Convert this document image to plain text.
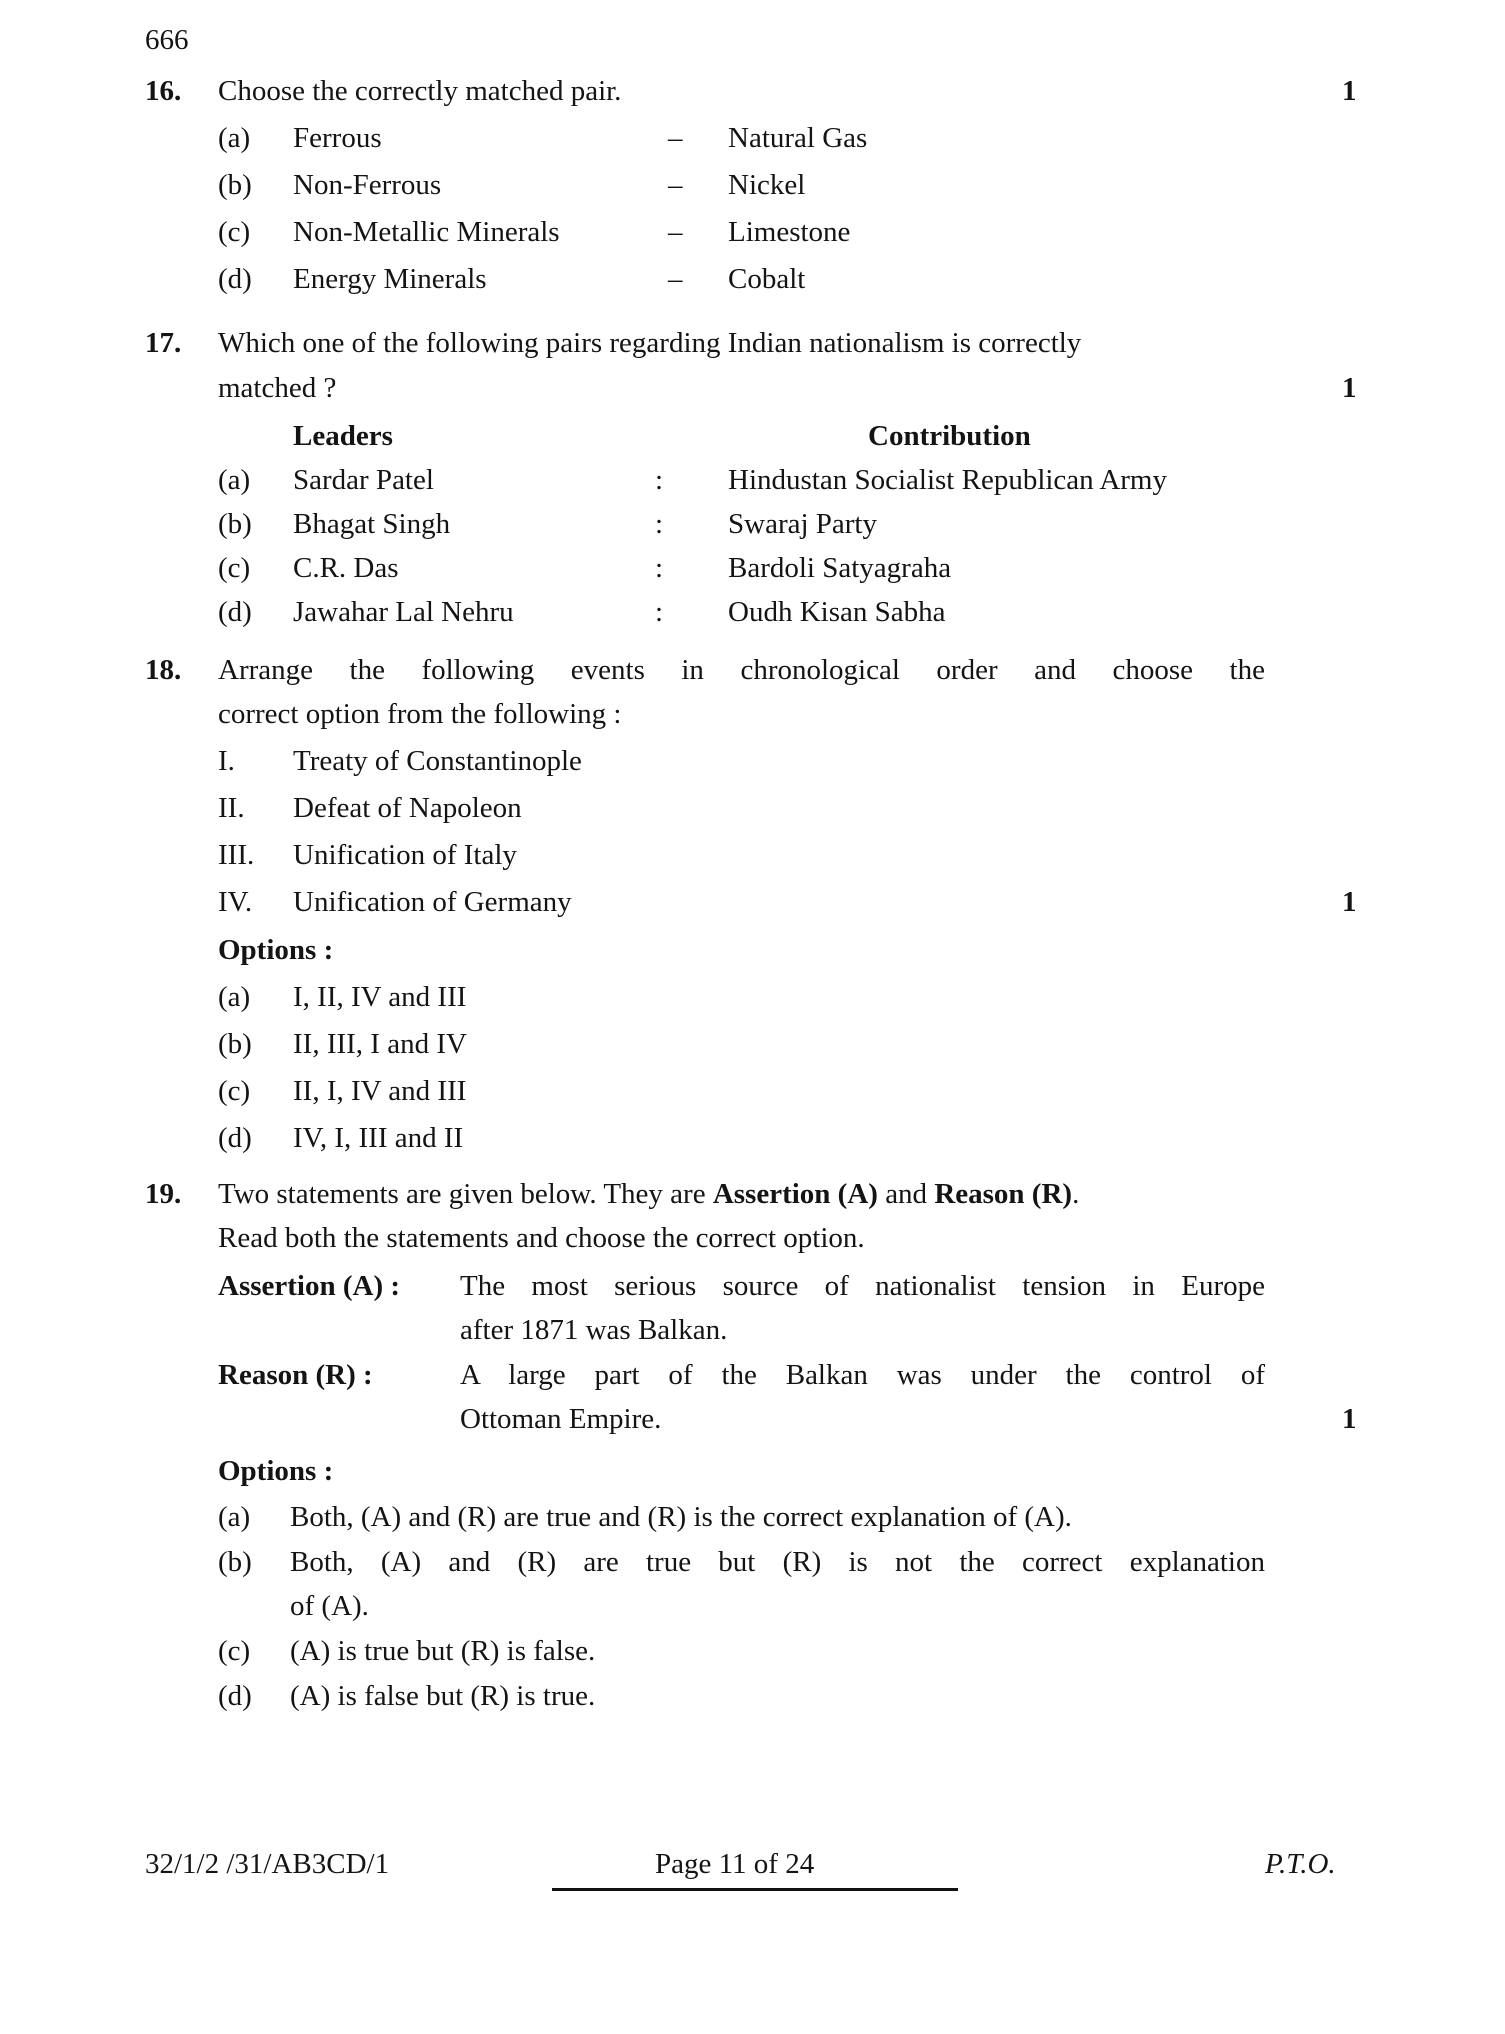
666
16. Choose the correctly matched pair.	1
(a) Ferrous	– Natural Gas
(b) Non-Ferrous	– Nickel
(c) Non-Metallic Minerals	– Limestone
(d) Energy Minerals	– Cobalt
17. Which one of the following pairs regarding Indian nationalism is correctly
matched ?	1
Leaders	Contribution
(a) Sardar Patel	: Hindustan Socialist Republican Army
(b) Bhagat Singh	: Swaraj Party
(c) C.R. Das	: Bardoli Satyagraha
(d) Jawahar Lal Nehru	: Oudh Kisan Sabha
18. Arrange the following events in chronological order and choose the
correct option from the following :
I. Treaty of Constantinople
II. Defeat of Napoleon
III. Unification of Italy
IV. Unification of Germany	1
Options :
(a) I, II, IV and III
(b) II, III, I and IV
(c) II, I, IV and III
(d) IV, I, III and II
19. Two statements are given below. They are Assertion (A) and Reason (R).
Read both the statements and choose the correct option.
Assertion (A) : The most serious source of nationalist tension in Europe
after 1871 was Balkan.
Reason (R) :	A large part of the Balkan was under the control of
Ottoman Empire.	1
Options :
(a) Both, (A) and (R) are true and (R) is the correct explanation of (A).
(b) Both, (A) and (R) are true but (R) is not the correct explanation
of (A).
(c) (A) is true but (R) is false.
(d) (A) is false but (R) is true.
32/1/2 /31/AB3CD/1	Page 11 of 24	P.T.O.
